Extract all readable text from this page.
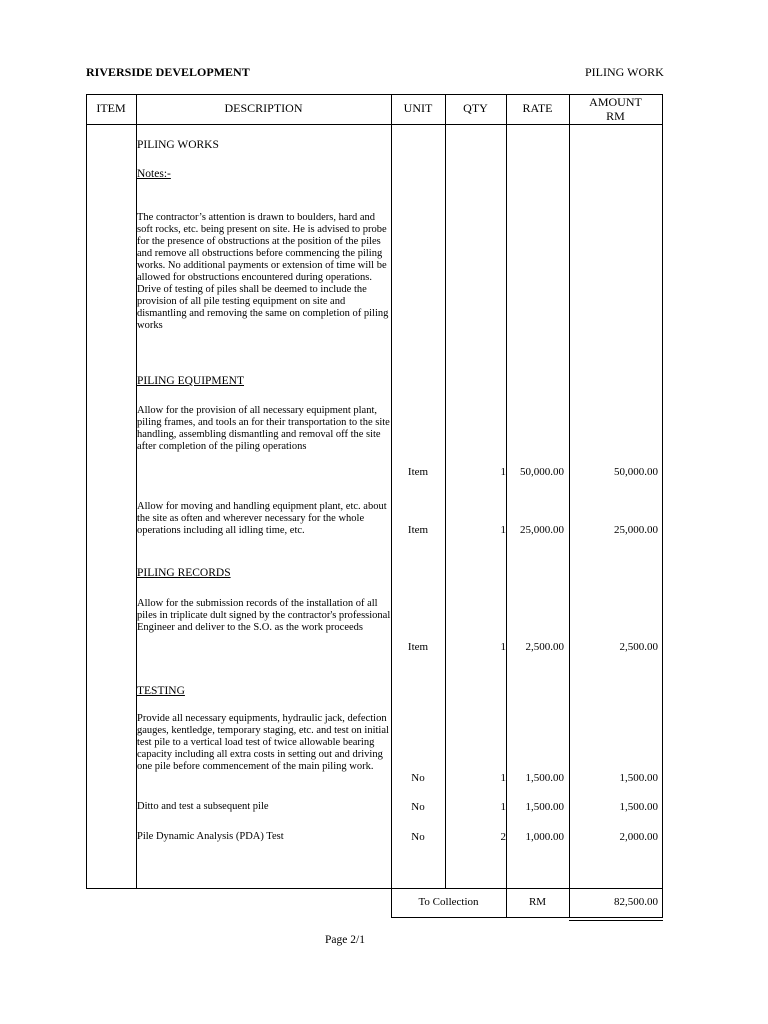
RIVERSIDE DEVELOPMENT	PILING WORK
ITEM	DESCRIPTION	UNIT	QTY	RATE	AMOUNT
RM
PILING WORKS
Notes:-
The contractor’s attention is drawn to boulders, hard and soft rocks, etc. being present on site. He is advised to probe for the presence of obstructions at the position of the piles and remove all obstructions before commencing the piling works. No additional payments or extension of time will be allowed for obstructions encountered during operations. Drive of testing of piles shall be deemed to include the provision of all pile testing equipment on site and dismantling and removing the same on completion of piling works
PILING EQUIPMENT
Allow for the provision of all necessary equipment plant, piling frames, and tools an for their transportation to the site handling, assembling dismantling and removal off the site after completion of the piling operations
Item	1	50,000.00	50,000.00
Allow for moving and handling equipment plant, etc. about the site as often and wherever necessary for the whole operations including all idling time, etc.	Item	1	25,000.00	25,000.00
PILING RECORDS
Allow for the submission records of the installation of all piles in triplicate dult signed by the contractor's professional Engineer and deliver to the S.O. as the work proceeds
Item	1	2,500.00	2,500.00
TESTING
Provide all necessary equipments, hydraulic jack, defection gauges, kentledge, temporary staging, etc. and test on initial test pile to a vertical load test of twice allowable bearing capacity including all extra costs in setting out and driving one pile before commencement of the main piling work.
No	1	1,500.00	1,500.00
Ditto and test a subsequent pile	No	1	1,500.00	1,500.00
Pile Dynamic Analysis (PDA) Test	No	2	1,000.00	2,000.00
To Collection	RM	82,500.00
Page 2/1
